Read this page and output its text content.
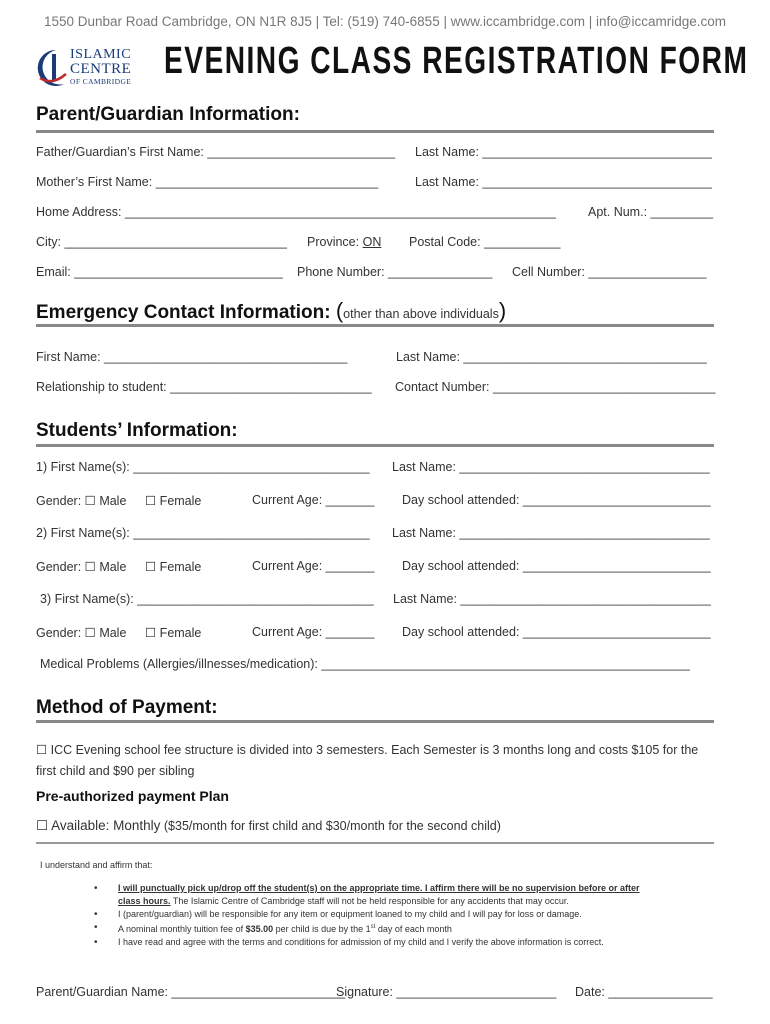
1550 Dunbar Road Cambridge, ON N1R 8J5 | Tel: (519) 740-6855 | www.iccambridge.com | info@iccamridge.com
ISLAMIC
CENTRE
OF CAMBRIDGE EVENING CLASS REGISTRATION FORM
Parent/Guardian Information:
Father/Guardian’s First Name: ___________________________ Last Name: _________________________________
Mother’s First Name: ________________________________	Last Name: _________________________________
Home Address: ______________________________________________________________	Apt. Num.: _________
City: ________________________________ Province: ON Postal Code: ___________
Email: ______________________________ Phone Number: _______________ Cell Number: _________________
Emergency Contact Information: (other than above individuals)
First Name: ___________________________________	Last Name: ___________________________________
Relationship to student: _____________________________ Contact Number: ________________________________
Students’ Information:
1) First Name(s): __________________________________ Last Name: ____________________________________
Gender: ☐ Male ☐ Female	Current Age: _______ Day school attended: ___________________________
2) First Name(s): __________________________________ Last Name: ____________________________________
Gender: ☐ Male ☐ Female	Current Age: _______ Day school attended: ___________________________
3) First Name(s): __________________________________ Last Name: ____________________________________
Gender: ☐ Male ☐ Female	Current Age: _______ Day school attended: ___________________________
Medical Problems (Allergies/illnesses/medication): _____________________________________________________
Method of Payment:
☐ ICC Evening school fee structure is divided into 3 semesters. Each Semester is 3 months long and costs $105 for the
first child and $90 per sibling
Pre-authorized payment Plan
☐ Available: Monthly ($35/month for first child and $30/month for the second child)
I understand and affirm that:
• I will punctually pick up/drop off the student(s) on the appropriate time. I affirm there will be no supervision before or after
class hours. The Islamic Centre of Cambridge staff will not be held responsible for any accidents that may occur.
• I (parent/guardian) will be responsible for any item or equipment loaned to my child and I will pay for loss or damage.
• A nominal monthly tuition fee of $35.00 per child is due by the 1st day of each month
• I have read and agree with the terms and conditions for admission of my child and I verify the above information is correct.
Parent/Guardian Name: _________________________
Signature: _______________________ Date: _______________
